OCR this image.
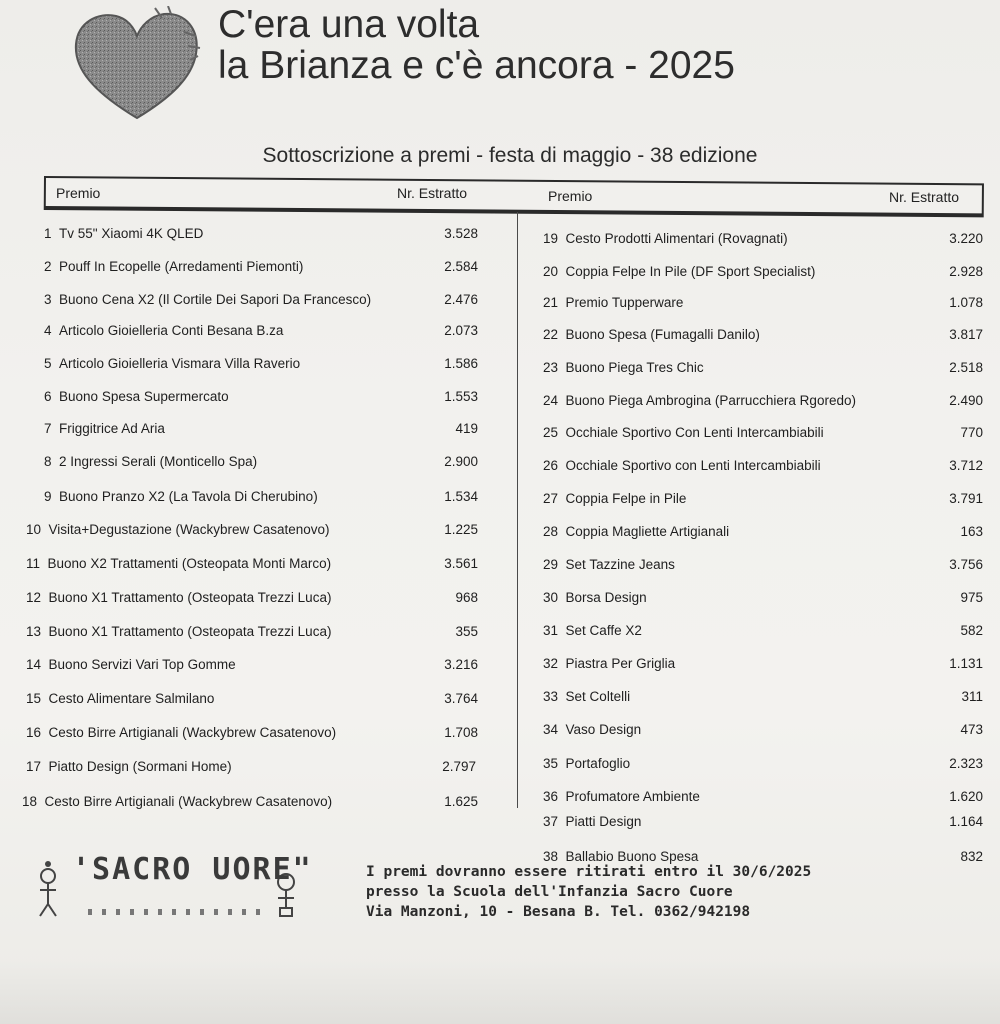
C'era una volta
la Brianza e c'è ancora - 2025
Sottoscrizione a premi - festa di maggio - 38 edizione
Premio	Nr. Estratto	Premio	Nr. Estratto
1 Tv 55" Xiaomi 4K QLED	3.528
2 Pouff In Ecopelle (Arredamenti Piemonti)	2.584
3 Buono Cena X2 (Il Cortile Dei Sapori Da Francesco)	2.476
4 Articolo Gioielleria Conti Besana B.za	2.073
5 Articolo Gioielleria Vismara Villa Raverio	1.586
6 Buono Spesa Supermercato	1.553
7 Friggitrice Ad Aria	419
8 2 Ingressi Serali (Monticello Spa)	2.900
9 Buono Pranzo X2 (La Tavola Di Cherubino)	1.534
10 Visita+Degustazione (Wackybrew Casatenovo)	1.225
11 Buono X2 Trattamenti (Osteopata Monti Marco)	3.561
12 Buono X1 Trattamento (Osteopata Trezzi Luca)	968
13 Buono X1 Trattamento (Osteopata Trezzi Luca)	355
14 Buono Servizi Vari Top Gomme	3.216
15 Cesto Alimentare Salmilano	3.764
16 Cesto Birre Artigianali (Wackybrew Casatenovo)	1.708
17 Piatto Design (Sormani Home)	2.797
18 Cesto Birre Artigianali (Wackybrew Casatenovo)	1.625
19 Cesto Prodotti Alimentari (Rovagnati)	3.220
20 Coppia Felpe In Pile (DF Sport Specialist)	2.928
21 Premio Tupperware	1.078
22 Buono Spesa (Fumagalli Danilo)	3.817
23 Buono Piega Tres Chic	2.518
24 Buono Piega Ambrogina (Parrucchiera Rgoredo)	2.490
25 Occhiale Sportivo Con Lenti Intercambiabili	770
26 Occhiale Sportivo con Lenti Intercambiabili	3.712
27 Coppia Felpe in Pile	3.791
28 Coppia Magliette Artigianali	163
29 Set Tazzine Jeans	3.756
30 Borsa Design	975
31 Set Caffe X2	582
32 Piastra Per Griglia	1.131
33 Set Coltelli	311
34 Vaso Design	473
35 Portafoglio	2.323
36 Profumatore Ambiente	1.620
37 Piatti Design	1.164
38 Ballabio Buono Spesa	832
'SACRO UORE"	I premi dovranno essere ritirati entro il 30/6/2025
presso la Scuola dell'Infanzia Sacro Cuore
Via Manzoni, 10 - Besana B. Tel. 0362/942198
